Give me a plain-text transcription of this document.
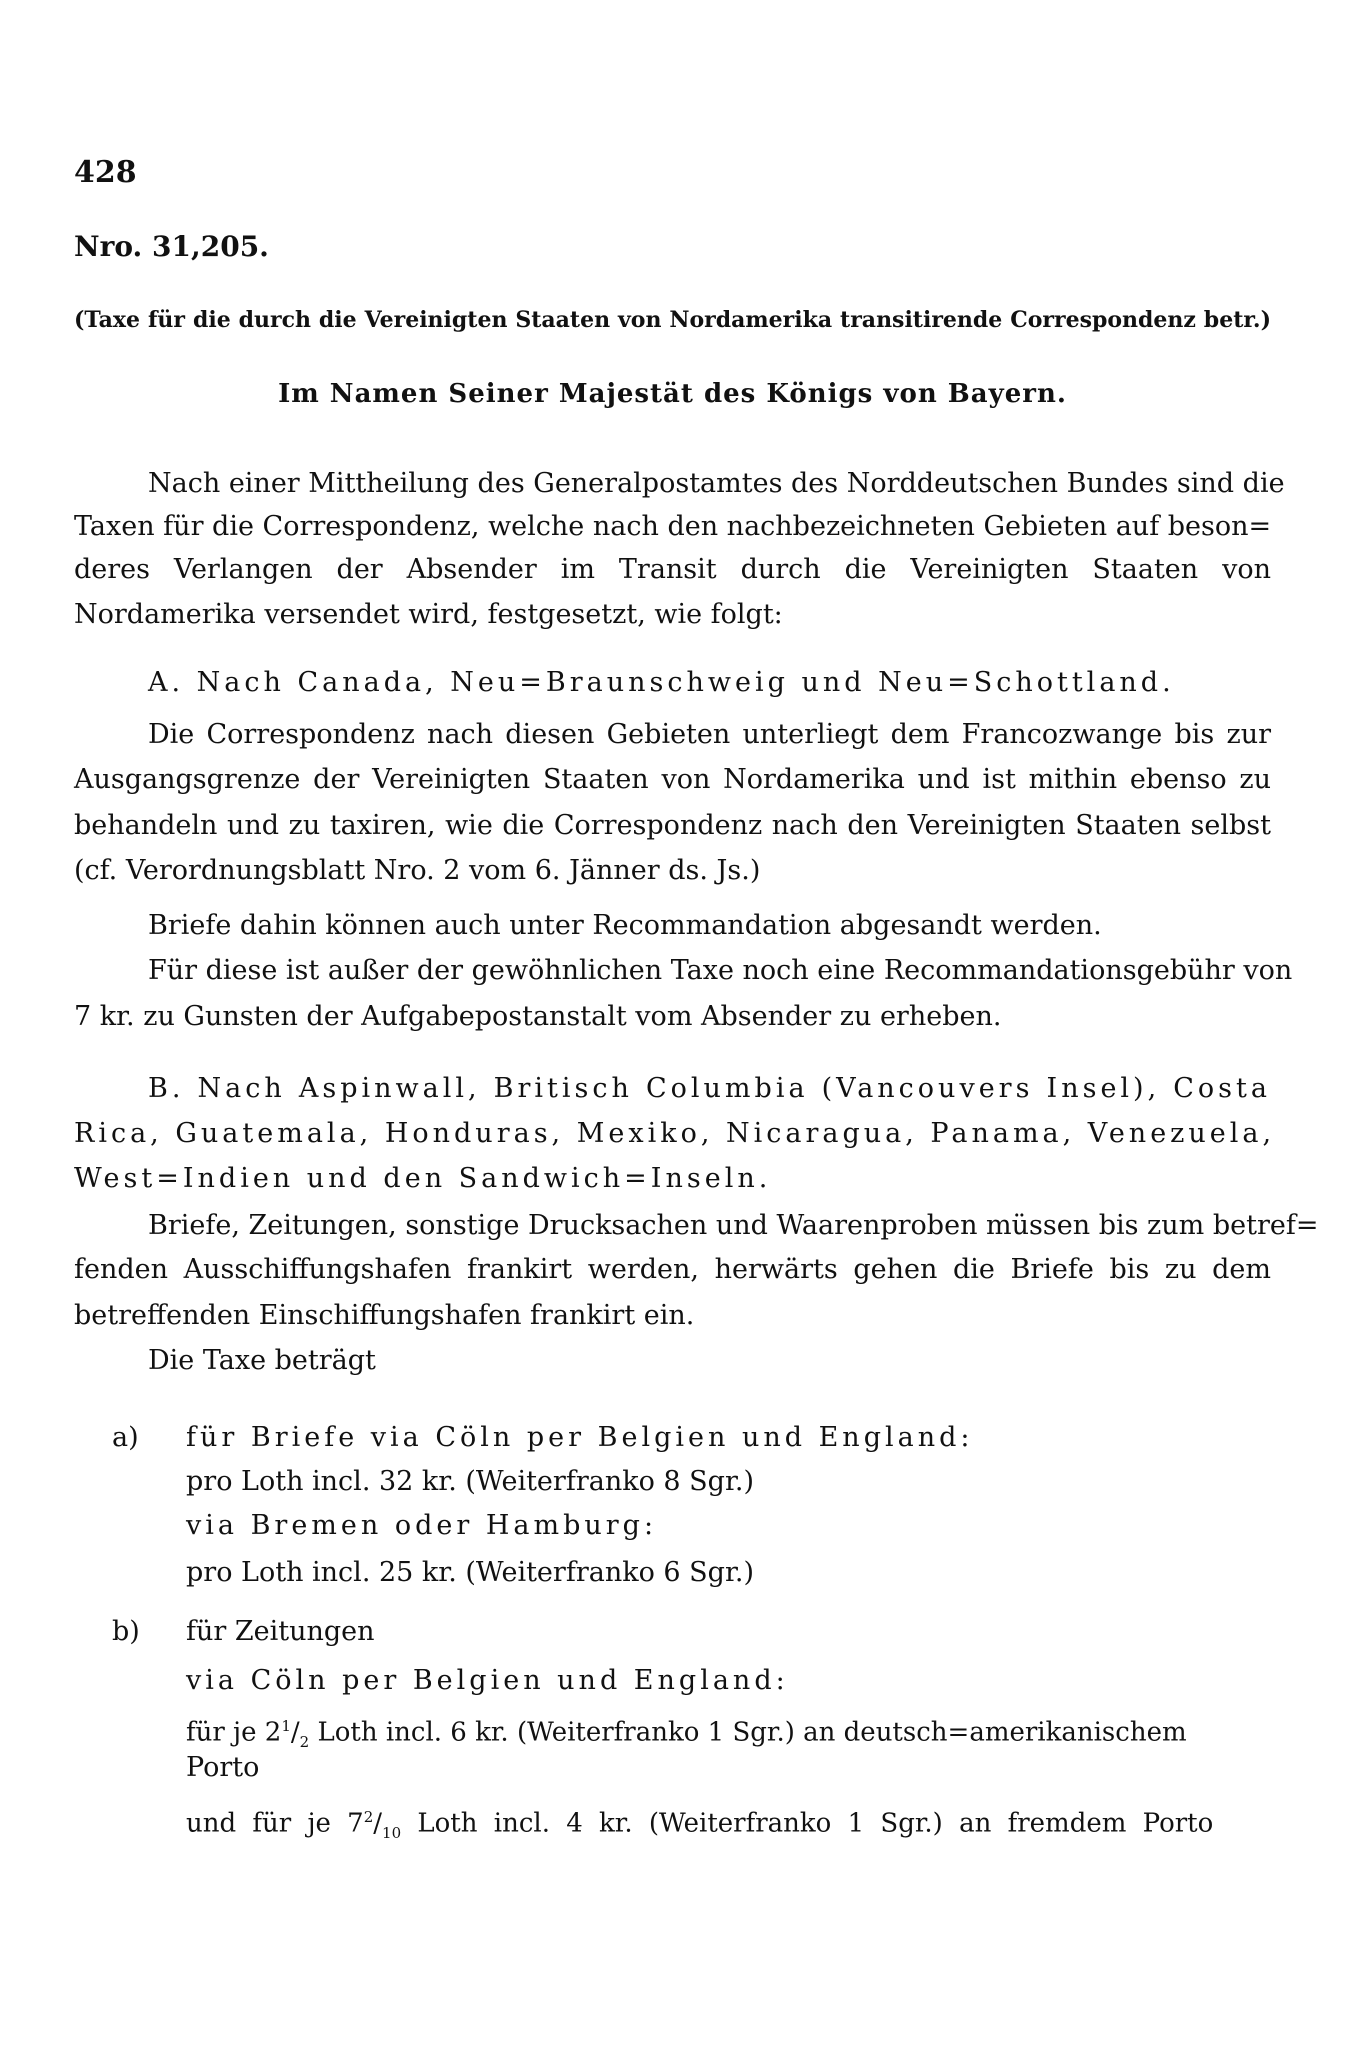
428
Nro. 31,205.
(Taxe für die durch die Vereinigten Staaten von Nordamerika transitirende Correspondenz betr.)
Im Namen Seiner Majestät des Königs von Bayern.
Nach einer Mittheilung des Generalpostamtes des Norddeutschen Bundes sind die
Taxen für die Correspondenz, welche nach den nachbezeichneten Gebieten auf beson=
deres Verlangen der Absender im Transit durch die Vereinigten Staaten von
Nordamerika versendet wird, festgesetzt, wie folgt:
A. Nach Canada, Neu=Braunschweig und Neu=Schottland.
Die Correspondenz nach diesen Gebieten unterliegt dem Francozwange bis zur
Ausgangsgrenze der Vereinigten Staaten von Nordamerika und ist mithin ebenso zu
behandeln und zu taxiren, wie die Correspondenz nach den Vereinigten Staaten selbst
(cf. Verordnungsblatt Nro. 2 vom 6. Jänner ds. Js.)
Briefe dahin können auch unter Recommandation abgesandt werden.
Für diese ist außer der gewöhnlichen Taxe noch eine Recommandationsgebühr von
7 kr. zu Gunsten der Aufgabepostanstalt vom Absender zu erheben.
B. Nach Aspinwall, Britisch Columbia (Vancouvers Insel), Costa
Rica, Guatemala, Honduras, Mexiko, Nicaragua, Panama, Venezuela,
West=Indien und den Sandwich=Inseln.
Briefe, Zeitungen, sonstige Drucksachen und Waarenproben müssen bis zum betref=
fenden Ausschiffungshafen frankirt werden, herwärts gehen die Briefe bis zu dem
betreffenden Einschiffungshafen frankirt ein.
Die Taxe beträgt
a) für Briefe via Cöln per Belgien und England:
pro Loth incl. 32 kr. (Weiterfranko 8 Sgr.)
via Bremen oder Hamburg:
pro Loth incl. 25 kr. (Weiterfranko 6 Sgr.)
b) für Zeitungen
via Cöln per Belgien und England:
für je $2^1/_2$ Loth incl. 6 kr. (Weiterfranko 1 Sgr.) an deutsch=amerikanischem
Porto
und für je $7^2/_{10}$ Loth incl. 4 kr. (Weiterfranko 1 Sgr.) an fremdem Porto
